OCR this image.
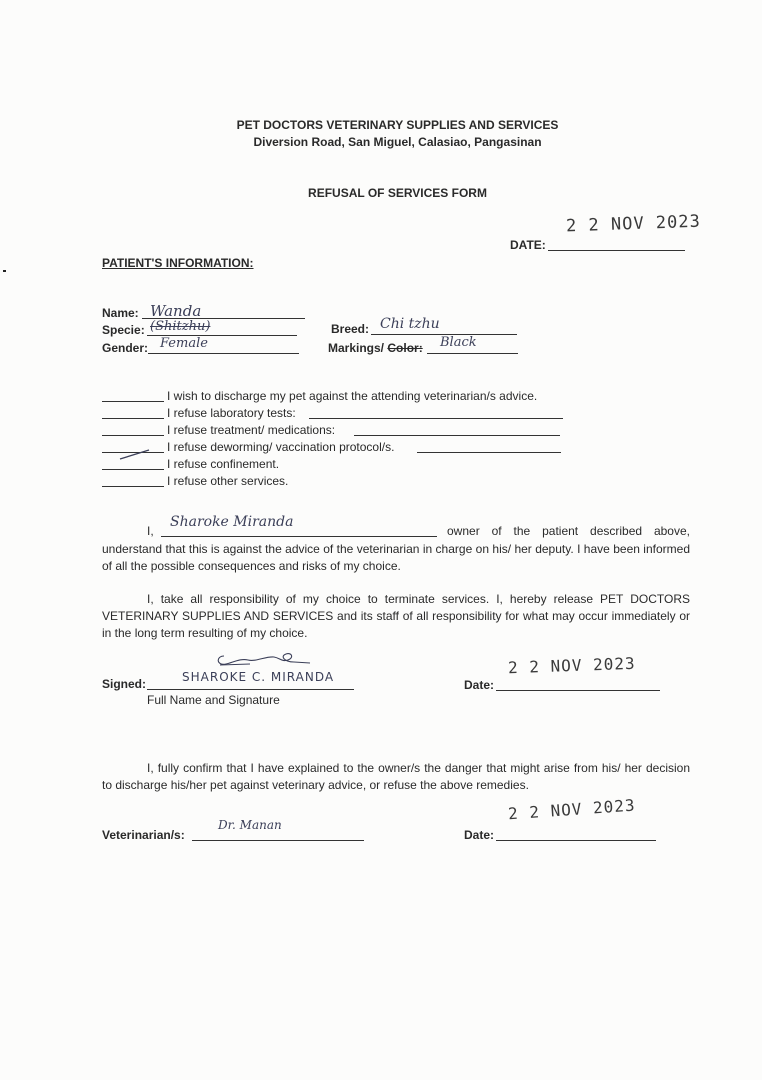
PET DOCTORS VETERINARY SUPPLIES AND SERVICES
Diversion Road, San Miguel, Calasiao, Pangasinan
REFUSAL OF SERVICES FORM
DATE:
2 2 NOV 2023
PATIENT'S INFORMATION:
Name: Wanda
Specie: (Shitzhu)
Gender: Female
Breed: Chi tzhu
Markings/ Color: Black
I wish to discharge my pet against the attending veterinarian/s advice.
I refuse laboratory tests:
I refuse treatment/ medications:
I refuse deworming/ vaccination protocol/s.
I refuse confinement.
I refuse other services.
I,
Sharoke Miranda
owner of the patient described above,
understand that this is against the advice of the veterinarian in charge on his/ her deputy. I have been informed of all the possible consequences and risks of my choice.
I, take all responsibility of my choice to terminate services. I, hereby release PET DOCTORS VETERINARY SUPPLIES AND SERVICES and its staff of all responsibility for what may occur immediately or in the long term resulting of my choice.
Signed:	SHAROKE C. MIRANDA
Full Name and Signature
Date:
2 2 NOV 2023
I, fully confirm that I have explained to the owner/s the danger that might arise from his/ her decision to discharge his/her pet against veterinary advice, or refuse the above remedies.
Veterinarian/s:
Dr. Manan
Date:
2 2 NOV 2023
